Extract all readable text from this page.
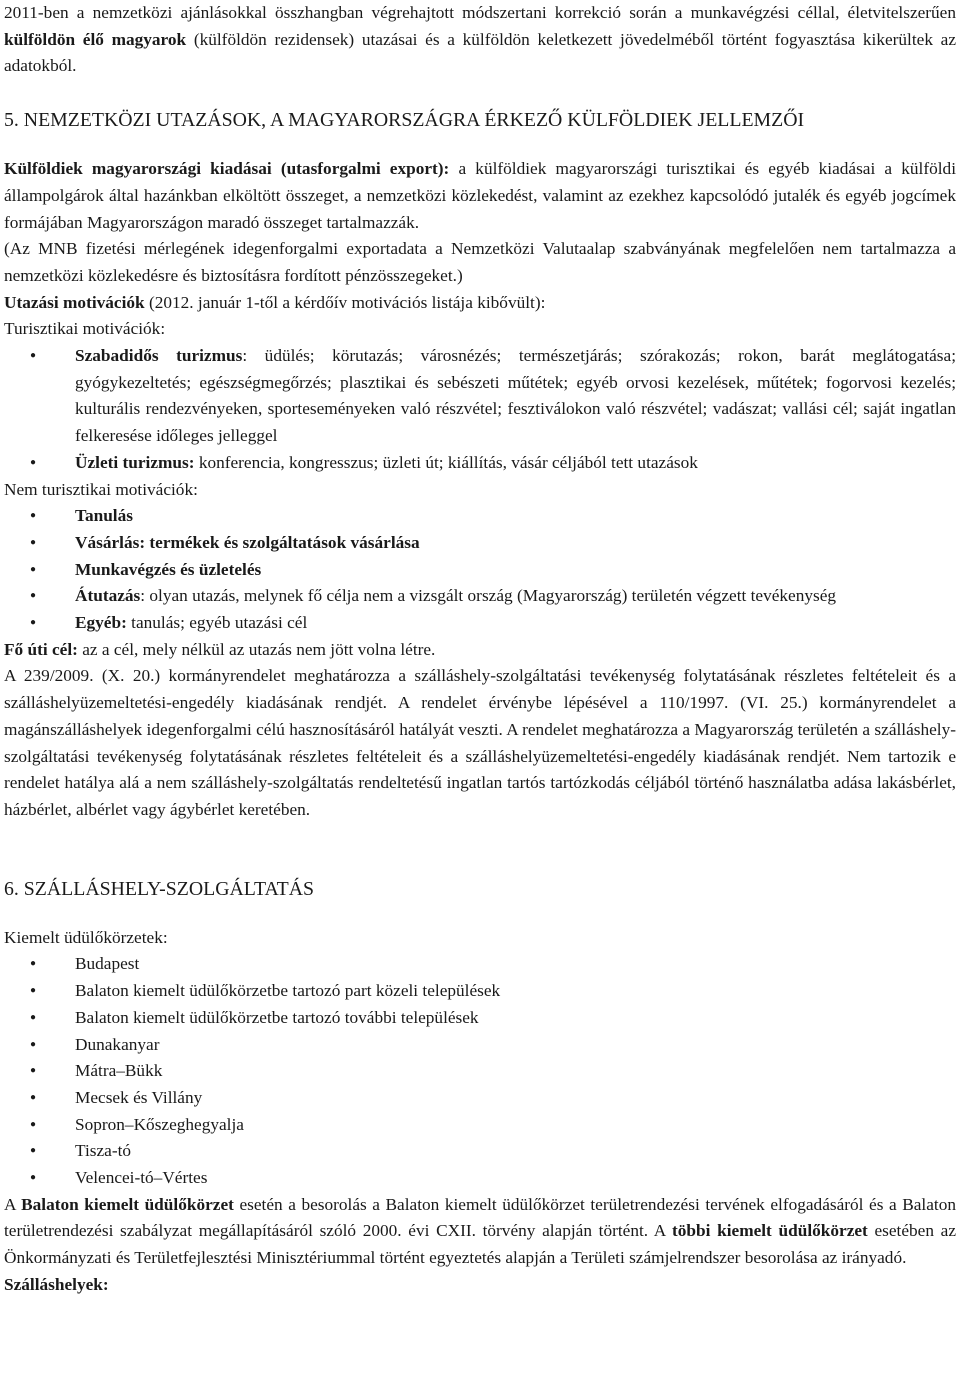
2011-ben a nemzetközi ajánlásokkal összhangban végrehajtott módszertani korrekció során a munkavégzési céllal, életvitelszerűen külföldön élő magyarok (külföldön rezidensek) utazásai és a külföldön keletkezett jövedelméből történt fogyasztása kikerültek az adatokból.

5. NEMZETKÖZI UTAZÁSOK, A MAGYARORSZÁGRA ÉRKEZŐ KÜLFÖLDIEK JELLEMZŐI

Külföldiek magyarországi kiadásai (utasforgalmi export): a külföldiek magyarországi turisztikai és egyéb kiadásai a külföldi állampolgárok által hazánkban elköltött összeget, a nemzetközi közlekedést, valamint az ezekhez kapcsolódó jutalék és egyéb jogcímek formájában Magyarországon maradó összeget tartalmazzák.

(Az MNB fizetési mérlegének idegenforgalmi exportadata a Nemzetközi Valutaalap szabványának megfelelően nem tartalmazza a nemzetközi közlekedésre és biztosításra fordított pénzösszegeket.)

Utazási motivációk (2012. január 1-től a kérdőív motivációs listája kibővült):

Turisztikai motivációk:

● Szabadidős turizmus: üdülés; körutazás; városnézés; természetjárás; szórakozás; rokon, barát meglátogatása; gyógykezeltetés; egészségmegőrzés; plasztikai és sebészeti műtétek; egyéb orvosi kezelések, műtétek; fogorvosi kezelés; kulturális rendezvényeken, sporteseményeken való részvétel; fesztiválokon való részvétel; vadászat; vallási cél; saját ingatlan felkeresése időleges jelleggel
● Üzleti turizmus: konferencia, kongresszus; üzleti út; kiállítás, vásár céljából tett utazások

Nem turisztikai motivációk:

● Tanulás
● Vásárlás: termékek és szolgáltatások vásárlása
● Munkavégzés és üzletelés
● Átutazás: olyan utazás, melynek fő célja nem a vizsgált ország (Magyarország) területén végzett tevékenység
● Egyéb: tanulás; egyéb utazási cél

Fő úti cél: az a cél, mely nélkül az utazás nem jött volna létre.

A 239/2009. (X. 20.) kormányrendelet meghatározza a szálláshely-szolgáltatási tevékenység folytatásának részletes feltételeit és a szálláshelyüzemeltetési-engedély kiadásának rendjét. A rendelet érvénybe lépésével a 110/1997. (VI. 25.) kormányrendelet a magánszálláshelyek idegenforgalmi célú hasznosításáról hatályát veszti. A rendelet meghatározza a Magyarország területén a szálláshely-szolgáltatási tevékenység folytatásának részletes feltételeit és a szálláshelyüzemeltetési-engedély kiadásának rendjét. Nem tartozik e rendelet hatálya alá a nem szálláshely-szolgáltatás rendeltetésű ingatlan tartós tartózkodás céljából történő használatba adása lakásbérlet, házbérlet, albérlet vagy ágybérlet keretében.

6. SZÁLLÁSHELY-SZOLGÁLTATÁS

Kiemelt üdülőkörzetek:

● Budapest
● Balaton kiemelt üdülőkörzetbe tartozó part közeli települések
● Balaton kiemelt üdülőkörzetbe tartozó további települések
● Dunakanyar
● Mátra–Bükk
● Mecsek és Villány
● Sopron–Kőszeghegyalja
● Tisza-tó
● Velencei-tó–Vértes

A Balaton kiemelt üdülőkörzet esetén a besorolás a Balaton kiemelt üdülőkörzet területrendezési tervének elfogadásáról és a Balaton területrendezési szabályzat megállapításáról szóló 2000. évi CXII. törvény alapján történt. A többi kiemelt üdülőkörzet esetében az Önkormányzati és Területfejlesztési Minisztériummal történt egyeztetés alapján a Területi számjelrendszer besorolása az irányadó.

Szálláshelyek:
